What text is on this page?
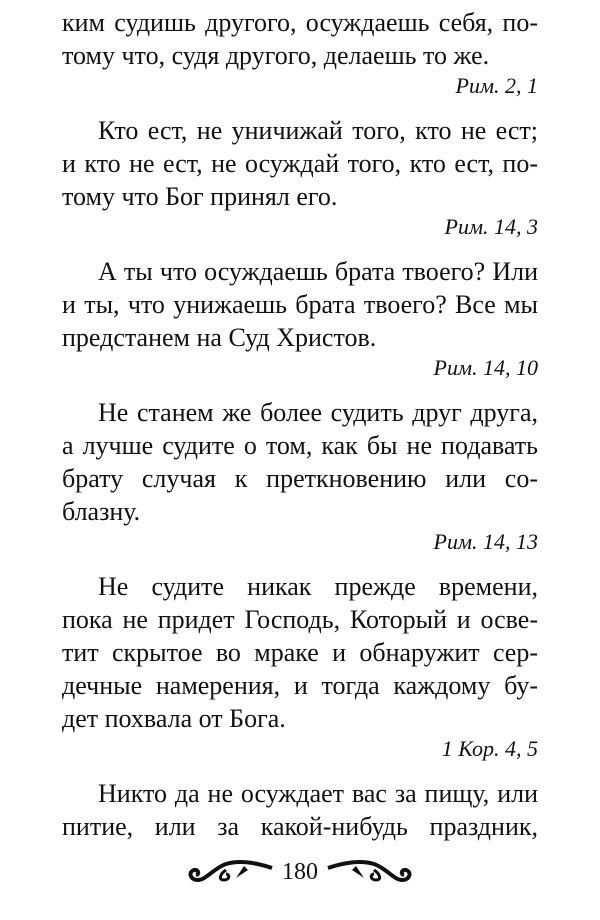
ким судишь другого, осуждаешь себя, по-
тому что, судя другого, делаешь то же.
Рим. 2, 1
Кто ест, не уничижай того, кто не ест;
и кто не ест, не осуждай того, кто ест, по-
тому что Бог принял его.
Рим. 14, 3
А ты что осуждаешь брата твоего? Или
и ты, что унижаешь брата твоего? Все мы
предстанем на Суд Христов.
Рим. 14, 10
Не станем же более судить друг друга,
а лучше судите о том, как бы не подавать
брату случая к преткновению или со-
блазну.
Рим. 14, 13
Не судите никак прежде времени,
пока не придет Господь, Который и осве-
тит скрытое во мраке и обнаружит сер-
дечные намерения, и тогда каждому бу-
дет похвала от Бога.
1 Кор. 4, 5
Никто да не осуждает вас за пищу, или
питие, или за какой-нибудь праздник,
180
